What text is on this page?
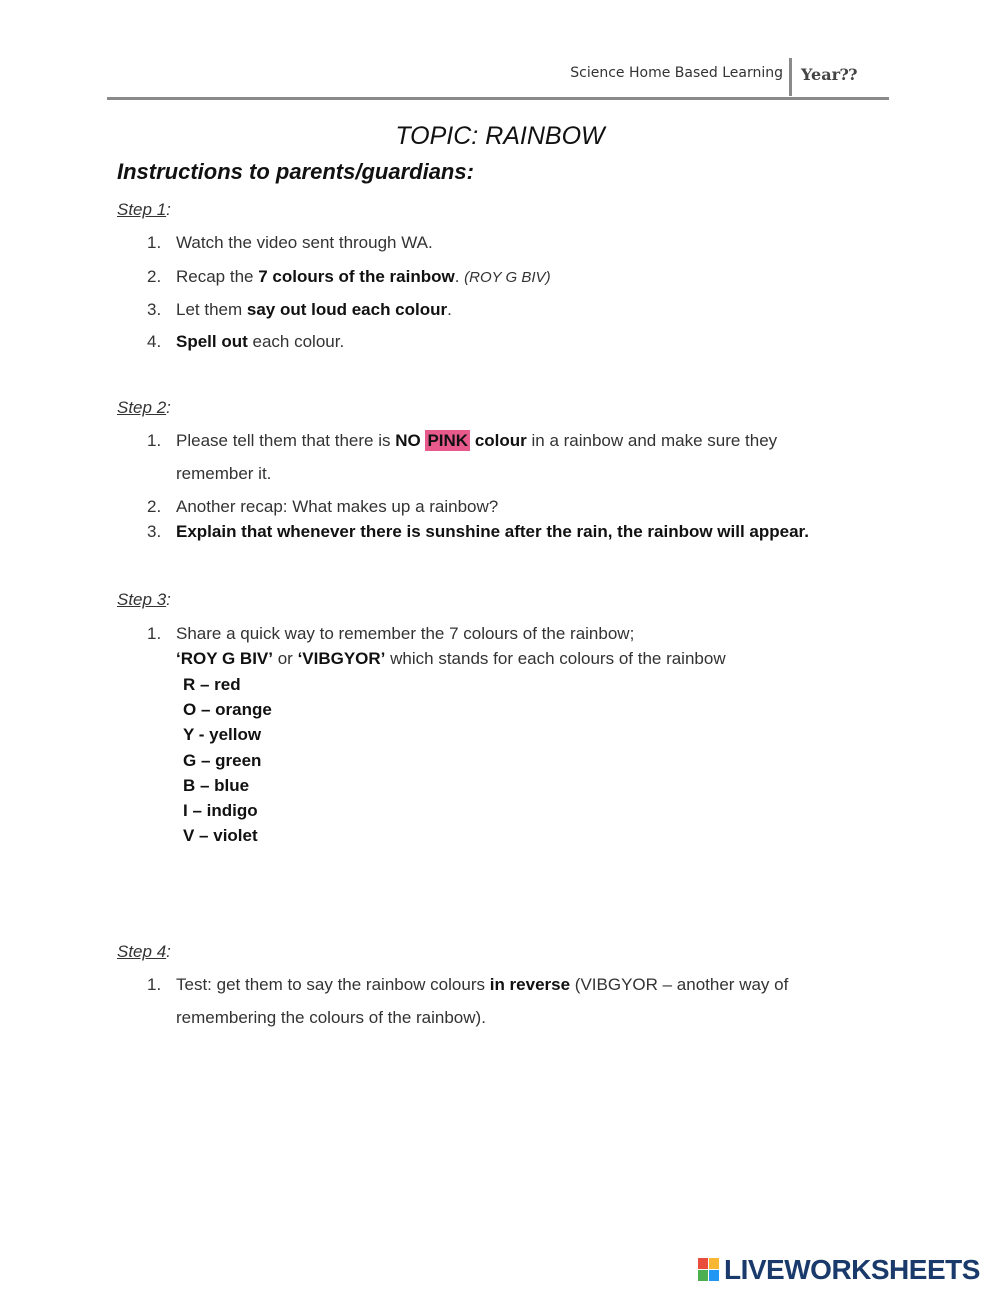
Science Home Based Learning Year⁇
TOPIC: RAINBOW
Instructions to parents/guardians:
Step 1:
1. Watch the video sent through WA.
2. Recap the 7 colours of the rainbow. (ROY G BIV)
3. Let them say out loud each colour.
4. Spell out each colour.
Step 2:
1. Please tell them that there is NO PINK colour in a rainbow and make sure they
remember it.
2. Another recap: What makes up a rainbow?
3. Explain that whenever there is sunshine after the rain, the rainbow will appear.
Step 3:
1. Share a quick way to remember the 7 colours of the rainbow;
‘ROY G BIV’ or ‘VIBGYOR’ which stands for each colours of the rainbow
R – red
O – orange
Y - yellow
G – green
B – blue
I – indigo
V – violet
Step 4:
1. Test: get them to say the rainbow colours in reverse (VIBGYOR – another way of
remembering the colours of the rainbow).
LIVEWORKSHEETS
